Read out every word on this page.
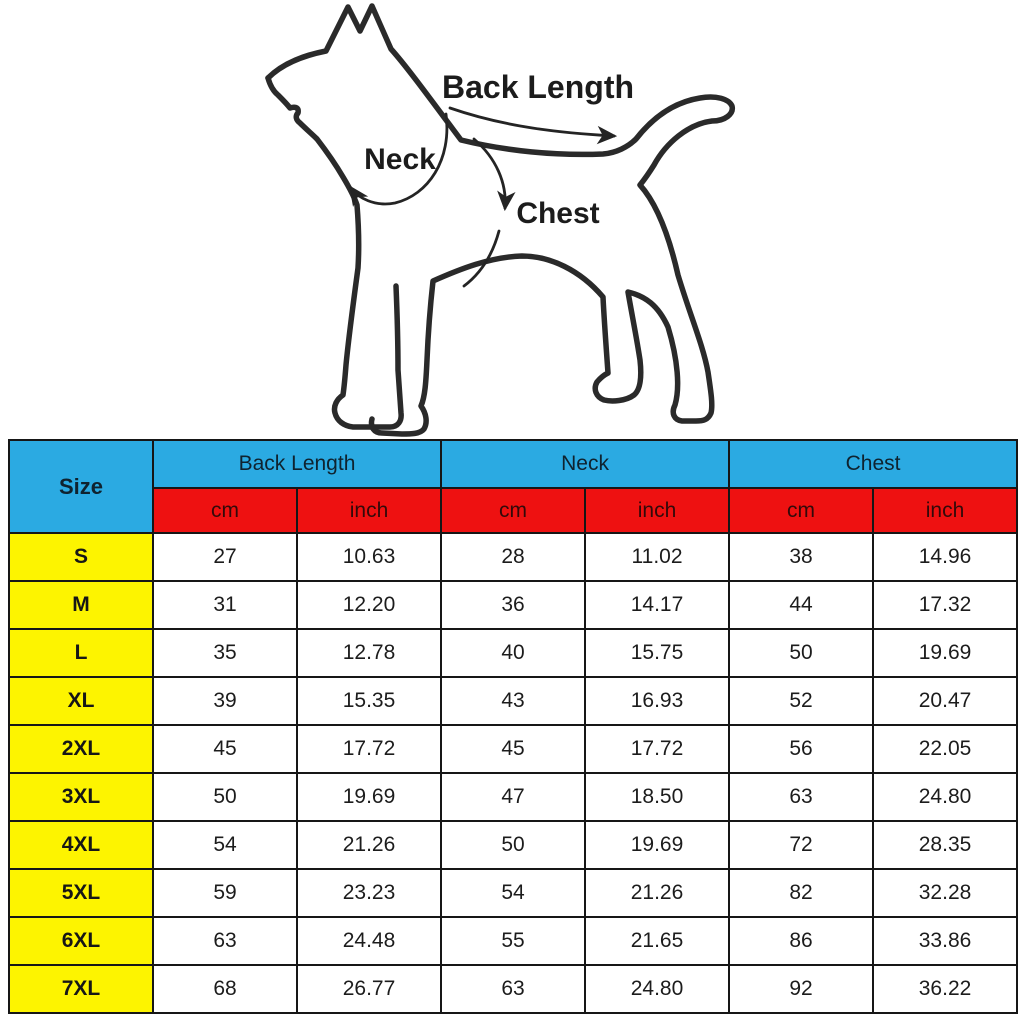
Back Length
Neck
Chest
Size	Back Length		Neck		Chest	
	cm	inch	cm	inch	cm	inch
S	27	10.63	28	11.02	38	14.96
M	31	12.20	36	14.17	44	17.32
L	35	12.78	40	15.75	50	19.69
XL	39	15.35	43	16.93	52	20.47
2XL	45	17.72	45	17.72	56	22.05
3XL	50	19.69	47	18.50	63	24.80
4XL	54	21.26	50	19.69	72	28.35
5XL	59	23.23	54	21.26	82	32.28
6XL	63	24.48	55	21.65	86	33.86
7XL	68	26.77	63	24.80	92	36.22
